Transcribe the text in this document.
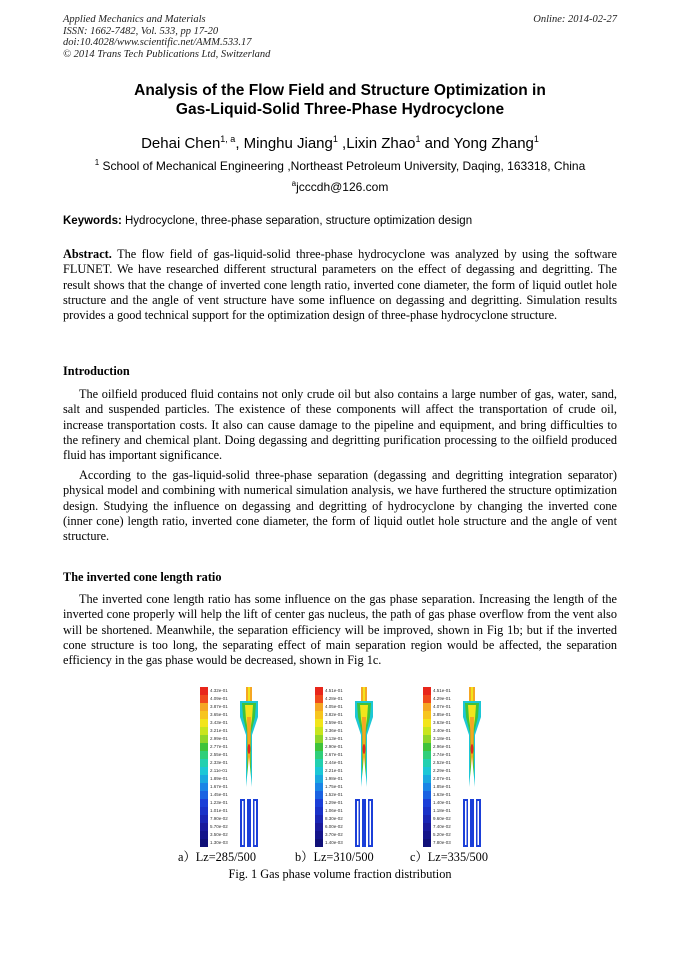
Applied Mechanics and Materials
ISSN: 1662-7482, Vol. 533, pp 17-20
doi:10.4028/www.scientific.net/AMM.533.17
© 2014 Trans Tech Publications Ltd, Switzerland
Online: 2014-02-27
Analysis of the Flow Field and Structure Optimization in
Gas-Liquid-Solid Three-Phase Hydrocyclone
Dehai Chen$^{1, a}$, Minghu Jiang$^1$ ,Lixin Zhao$^1$ and Yong Zhang$^1$
$^1$ School of Mechanical Engineering ,Northeast Petroleum University, Daqing, 163318, China
$^a$jcccdh@126.com
Keywords: Hydrocyclone, three-phase separation, structure optimization design
Abstract. The flow field of gas-liquid-solid three-phase hydrocyclone was analyzed by using the software FLUNET. We have researched different structural parameters on the effect of degassing and degritting. The result shows that the change of inverted cone length ratio, inverted cone diameter, the form of liquid outlet hole structure and the angle of vent structure have some influence on degassing and degritting. Simulation results provides a good technical support for the optimization design of three-phase hydrocyclone structure.
Introduction
The oilfield produced fluid contains not only crude oil but also contains a large number of gas, water, sand, salt and suspended particles. The existence of these components will affect the transportation of crude oil, increase transportation costs. It also can cause damage to the pipeline and equipment, and bring difficulties to the refinery and chemical plant. Doing degassing and degritting purification processing to the oilfield produced fluid has important significance.
According to the gas-liquid-solid three-phase separation (degassing and degritting integration separator) physical model and combining with numerical simulation analysis, we have furthered the structure optimization design. Studying the influence on degassing and degritting of hydrocyclone by changing the inverted cone (inner cone) length ratio, inverted cone diameter, the form of liquid outlet hole structure and the angle of vent structure.
The inverted cone length ratio
The inverted cone length ratio has some influence on the gas phase separation. Increasing the length of the inverted cone properly will help the lift of center gas nucleus, the path of gas phase overflow from the vent also will be shortened. Meanwhile, the separation efficiency will be improved, shown in Fig 1b; but if the inverted cone structure is too long, the separating effect of main separation region would be affected, the separation efficiency in the gas phase would be decreased, shown in Fig 1c.
4.32e-01
4.09e-01
3.87e-01
3.65e-01
3.43e-01
3.21e-01
2.99e-01
2.77e-01
2.55e-01
2.33e-01
2.11e-01
1.89e-01
1.67e-01
1.45e-01
1.23e-01
1.01e-01
7.90e-02
5.70e-02
3.50e-02
1.30e-03
4.51e-01
4.28e-01
4.05e-01
3.82e-01
3.59e-01
3.36e-01
3.13e-01
2.90e-01
2.67e-01
2.44e-01
2.21e-01
1.98e-01
1.75e-01
1.52e-01
1.29e-01
1.06e-01
8.30e-02
6.00e-02
3.70e-02
1.40e-03
4.51e-01
4.29e-01
4.07e-01
3.85e-01
3.63e-01
3.40e-01
3.18e-01
2.96e-01
2.74e-01
2.52e-01
2.29e-01
2.07e-01
1.85e-01
1.63e-01
1.40e-01
1.18e-01
9.60e-02
7.40e-02
5.20e-02
7.80e-03
a）Lz=285/500	b）Lz=310/500	c）Lz=335/500
Fig. 1 Gas phase volume fraction distribution
